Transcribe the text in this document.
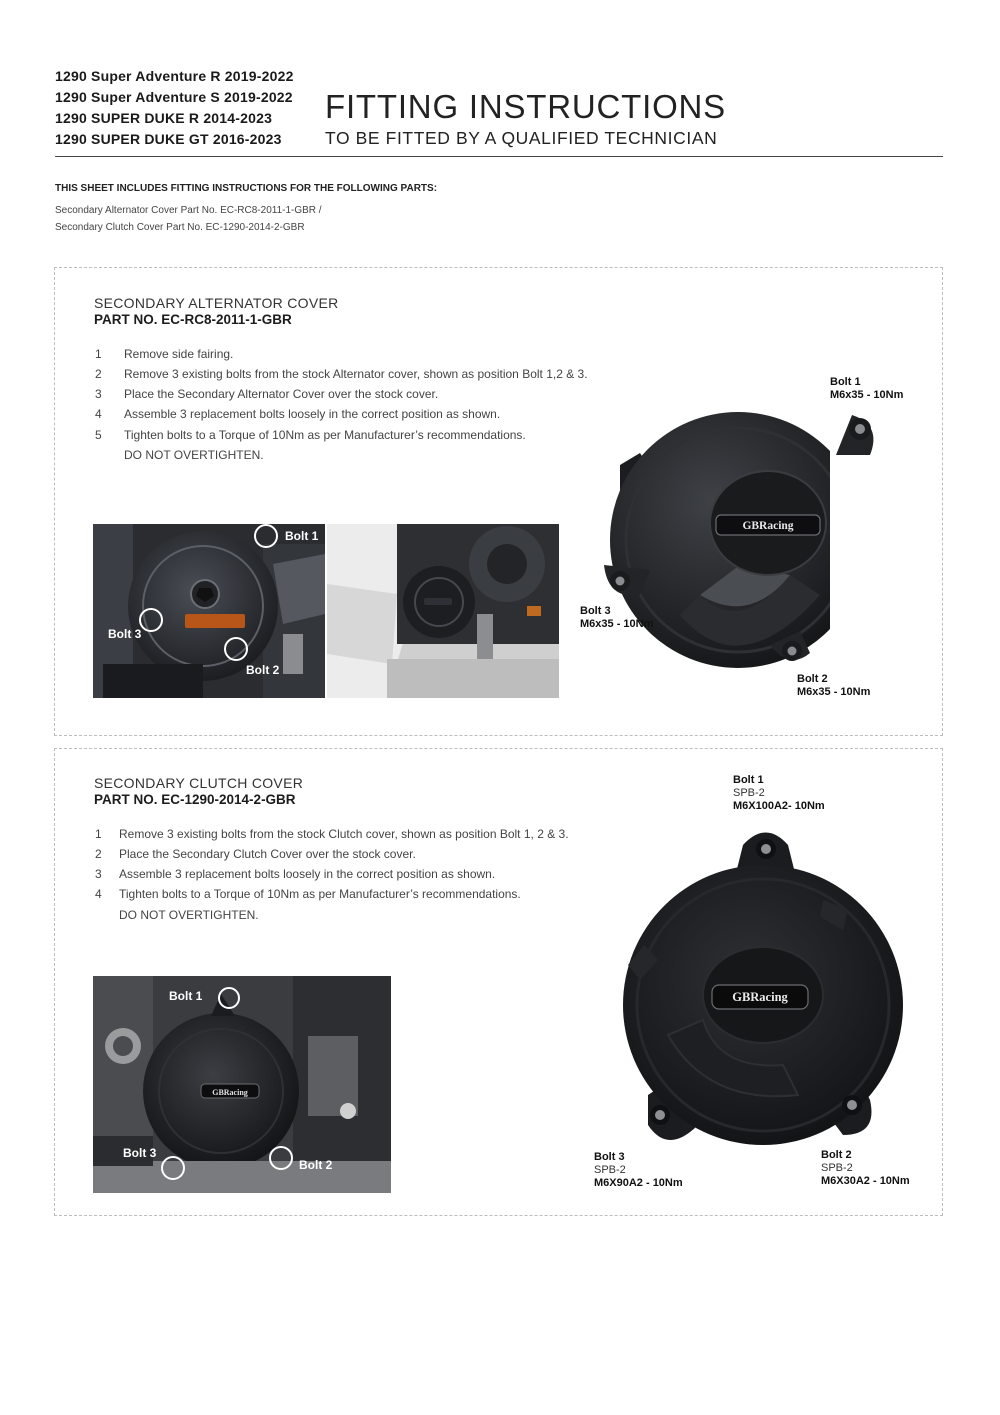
1290 Super Adventure R 2019-2022
1290 Super Adventure S 2019-2022
1290 SUPER DUKE R 2014-2023
1290 SUPER DUKE GT 2016-2023
FITTING INSTRUCTIONS
TO BE FITTED BY A QUALIFIED TECHNICIAN
THIS SHEET INCLUDES FITTING INSTRUCTIONS FOR THE FOLLOWING PARTS:
Secondary Alternator Cover Part No. EC-RC8-2011-1-GBR /
Secondary Clutch Cover Part No. EC-1290-2014-2-GBR
SECONDARY ALTERNATOR COVER
PART NO. EC-RC8-2011-1-GBR
1 Remove side fairing.
2 Remove 3 existing bolts from the stock Alternator cover, shown as position Bolt 1,2 & 3.
3 Place the Secondary Alternator Cover over the stock cover.
4 Assemble 3 replacement bolts loosely in the correct position as shown.
5 Tighten bolts to a Torque of 10Nm as per Manufacturer’s recommendations.
DO NOT OVERTIGHTEN.
Bolt 1
Bolt 3
Bolt 2
GBRacing
Bolt 1
M6x35 - 10Nm
Bolt 3
M6x35 - 10Nm
Bolt 2
M6x35 - 10Nm
SECONDARY CLUTCH COVER
PART NO. EC-1290-2014-2-GBR
1 Remove 3 existing bolts from the stock Clutch cover, shown as position Bolt 1, 2 & 3.
2 Place the Secondary Clutch Cover over the stock cover.
3 Assemble 3 replacement bolts loosely in the correct position as shown.
4 Tighten bolts to a Torque of 10Nm as per Manufacturer’s recommendations.
DO NOT OVERTIGHTEN.
GBRacing
Bolt 1
Bolt 3
Bolt 2
GBRacing
Bolt 1
SPB-2
M6X100A2- 10Nm
Bolt 3
SPB-2
M6X90A2 - 10Nm
Bolt 2
SPB-2
M6X30A2 - 10Nm
